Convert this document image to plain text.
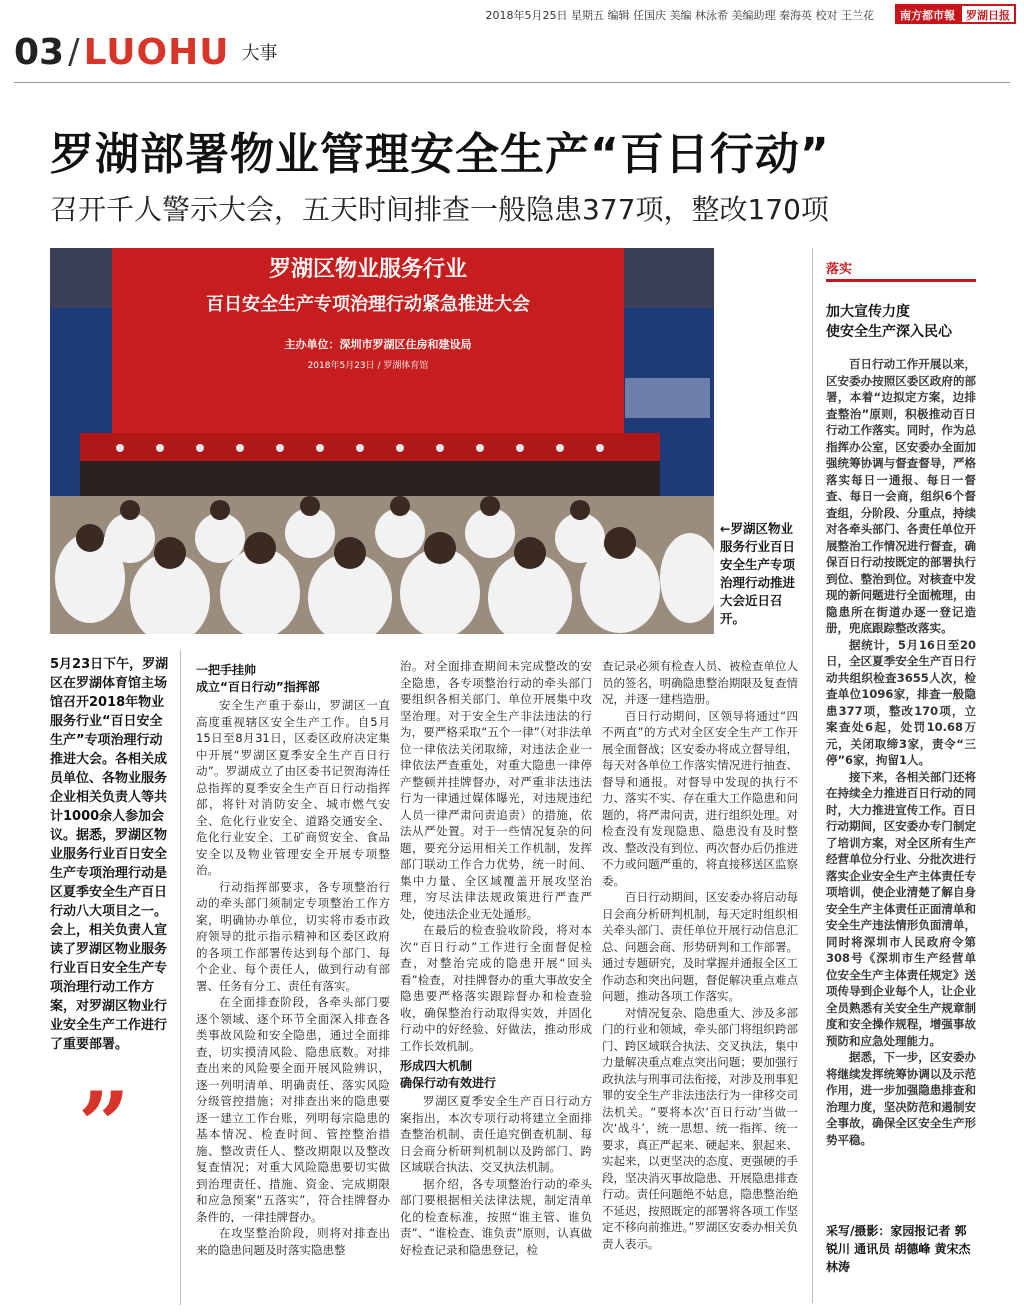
2018年5月25日 星期五 编辑 任国庆 美编 林泳希 美编助理 秦海英 校对 王兰花	南方都市報	罗湖日报
03 / LUOHU 大事
罗湖部署物业管理安全生产“百日行动”
召开千人警示大会，五天时间排查一般隐患377项，整改170项
罗湖区物业服务行业
百日安全生产专项治理行动紧急推进大会
主办单位：深圳市罗湖区住房和建设局
2018年5月23日 / 罗湖体育馆
←罗湖区物业服务行业百日安全生产专项治理行动推进大会近日召开。
5月23日下午，罗湖区在罗湖体育馆主场馆召开2018年物业服务行业“百日安全生产”专项治理行动推进大会。各相关成员单位、各物业服务企业相关负责人等共计1000余人参加会议。据悉，罗湖区物业服务行业百日安全生产专项治理行动是区夏季安全生产百日行动八大项目之一。会上，相关负责人宣读了罗湖区物业服务行业百日安全生产专项治理行动工作方案，对罗湖区物业行业安全生产工作进行了重要部署。
”

一把手挂帅
成立“百日行动”指挥部

安全生产重于泰山，罗湖区一直高度重视辖区安全生产工作。自5月15日至8月31日，区委区政府决定集中开展“罗湖区夏季安全生产百日行动”。罗湖成立了由区委书记贺海涛任总指挥的夏季安全生产百日行动指挥部，将针对消防安全、城市燃气安全、危化行业安全、道路交通安全、危化行业安全、工矿商贸安全、食品安全以及物业管理安全开展专项整治。

行动指挥部要求，各专项整治行动的牵头部门须制定专项整治工作方案，明确协办单位，切实将市委市政府领导的批示指示精神和区委区政府的各项工作部署传达到每个部门、每个企业、每个责任人，做到行动有部署、任务有分工、责任有落实。

在全面排查阶段，各牵头部门要逐个领域、逐个环节全面深入排查各类事故风险和安全隐患，通过全面排查，切实摸清风险、隐患底数。对排查出来的风险要全面开展风险辨识，逐一列明清单、明确责任、落实风险分级管控措施；对排查出来的隐患要逐一建立工作台账，列明每宗隐患的基本情况、检查时间、管控整治措施、整改责任人、整改期限以及整改复查情况；对重大风险隐患要切实做到治理责任、措施、资金、完成期限和应急预案“五落实”，符合挂牌督办条件的，一律挂牌督办。

在攻坚整治阶段，则将对排查出来的隐患问题及时落实隐患整

治。对全面排查期间未完成整改的安全隐患，各专项整治行动的牵头部门要组织各相关部门、单位开展集中攻坚治理。对于安全生产非法违法的行为，要严格采取“五个一律”（对非法单位一律依法关闭取缔，对违法企业一律依法严查重处，对重大隐患一律停产整顿并挂牌督办，对严重非法违法行为一律通过媒体曝光，对违规违纪人员一律严肃问责追责）的措施，依法从严处置。对于一些情况复杂的问题，要充分运用相关工作机制，发挥部门联动工作合力优势，统一时间、集中力量、全区域覆盖开展攻坚治理，穷尽法律法规政策进行严查严处，使违法企业无处遁形。

在最后的检查验收阶段，将对本次“百日行动”工作进行全面督促检查，对整治完成的隐患开展“回头看”检查，对挂牌督办的重大事故安全隐患要严格落实跟踪督办和检查验收，确保整治行动取得实效，并固化行动中的好经验、好做法，推动形成工作长效机制。

形成四大机制
确保行动有效进行

罗湖区夏季安全生产百日行动方案指出，本次专项行动将建立全面排查整治机制、责任追究倒查机制、每日会商分析研判机制以及跨部门、跨区域联合执法、交叉执法机制。

据介绍，各专项整治行动的牵头部门要根据相关法律法规，制定清单化的检查标准，按照“谁主管、谁负责”、“谁检查、谁负责”原则，认真做好检查记录和隐患登记，检

查记录必须有检查人员、被检查单位人员的签名，明确隐患整治期限及复查情况，并逐一建档造册。

百日行动期间，区领导将通过“四不两直”的方式对全区安全生产工作开展全面督战；区安委办将成立督导组，每天对各单位工作落实情况进行抽查、督导和通报。对督导中发现的执行不力、落实不实、存在重大工作隐患和问题的，将严肃问责，进行组织处理。对检查没有发现隐患、隐患没有及时整改、整改没有到位、两次督办后仍推进不力或问题严重的，将直接移送区监察委。

百日行动期间，区安委办将启动每日会商分析研判机制，每天定时组织相关牵头部门、责任单位开展行动信息汇总、问题会商、形势研判和工作部署。通过专题研究，及时掌握并通报全区工作动态和突出问题，督促解决重点难点问题，推动各项工作落实。

对情况复杂、隐患重大、涉及多部门的行业和领域，牵头部门将组织跨部门、跨区域联合执法、交叉执法，集中力量解决重点难点突出问题；要加强行政执法与刑事司法衔接，对涉及刑事犯罪的安全生产非法违法行为一律移交司法机关。“要将本次‘百日行动’当做一次‘战斗’，统一思想、统一指挥、统一要求，真正严起来、硬起来、狠起来、实起来，以更坚决的态度、更强硬的手段，坚决消灭事故隐患、开展隐患排查行动。责任问题绝不姑息，隐患整治绝不延迟，按照既定的部署将各项工作坚定不移向前推进。”罗湖区安委办相关负责人表示。

落实
加大宣传力度
使安全生产深入民心

百日行动工作开展以来，区安委办按照区委区政府的部署，本着“边拟定方案，边排查整治”原则，积极推动百日行动工作落实。同时，作为总指挥办公室，区安委办全面加强统筹协调与督查督导，严格落实每日一通报、每日一督查、每日一会商，组织6个督查组，分阶段、分重点，持续对各牵头部门、各责任单位开展整治工作情况进行督查，确保百日行动按既定的部署执行到位、整治到位。对核查中发现的新问题进行全面梳理，由隐患所在街道办逐一登记造册，兜底跟踪整改落实。

据统计，5月16日至20日，全区夏季安全生产百日行动共组织检查3655人次，检查单位1096家，排查一般隐患377项，整改170项，立案查处6起，处罚10.68万元，关闭取缔3家，责令“三停”6家，拘留1人。

接下来，各相关部门还将在持续全力推进百日行动的同时，大力推进宣传工作。百日行动期间，区安委办专门制定了培训方案，对全区所有生产经营单位分行业、分批次进行落实企业安全生产主体责任专项培训，使企业清楚了解自身安全生产主体责任正面清单和安全生产违法情形负面清单，同时将深圳市人民政府令第308号《深圳市生产经营单位安全生产主体责任规定》送项传导到企业每个人，让企业全员熟悉有关安全生产规章制度和安全操作规程，增强事故预防和应急处理能力。

据悉，下一步，区安委办将继续发挥统筹协调以及示范作用，进一步加强隐患排查和治理力度，坚决防范和遏制安全事故，确保全区安全生产形势平稳。

采写/摄影：家园报记者 郭锐川 通讯员 胡德峰 黄宋杰 林涛
